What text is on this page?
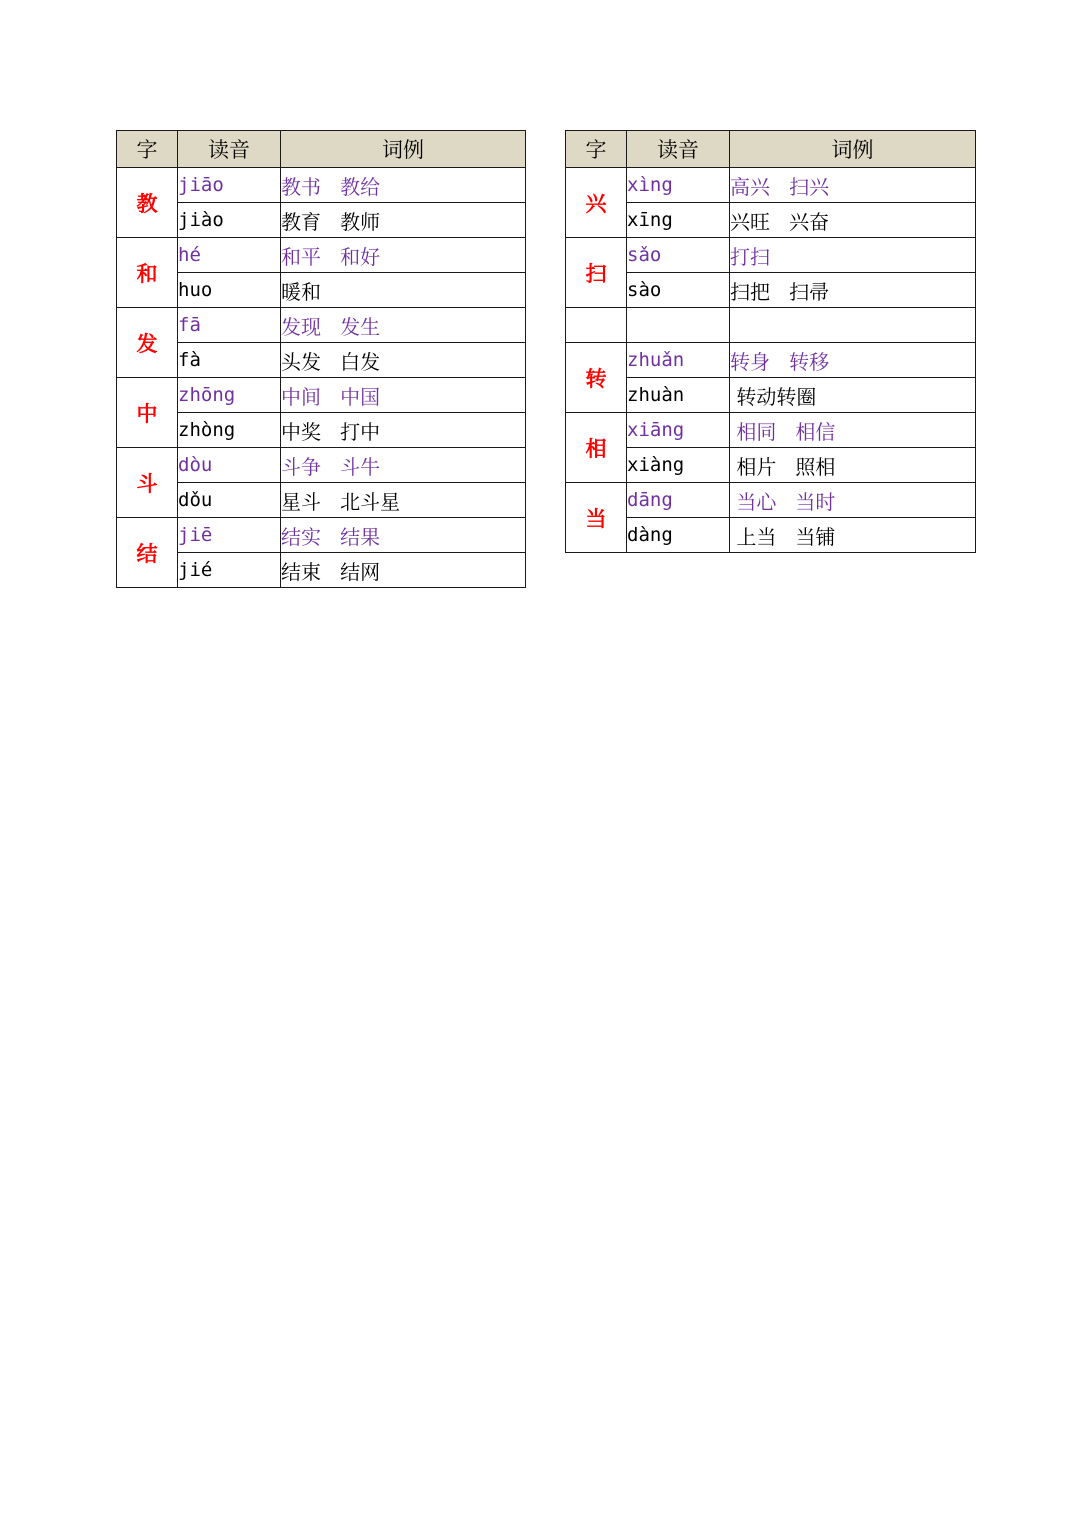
字	读音	词例
教	jiāo	教书   教给
	jiào	教育   教师
和	hé	和平   和好
	huo	暖和
发	fā	发现   发生
	fà	头发   白发
中	zhōng	中间   中国
	zhòng	中奖   打中
斗	dòu	斗争   斗牛
	dǒu	星斗   北斗星
结	jiē	结实   结果
	jié	结束   结网
字	读音	词例
兴	xìng	高兴   扫兴
	xīng	兴旺   兴奋
扫	sǎo	打扫
	sào	扫把   扫帚

转	zhuǎn	转身   转移
	zhuàn	转动转圈
相	xiāng	相同   相信
	xiàng	相片   照相
当	dāng	当心   当时
	dàng	上当   当铺
